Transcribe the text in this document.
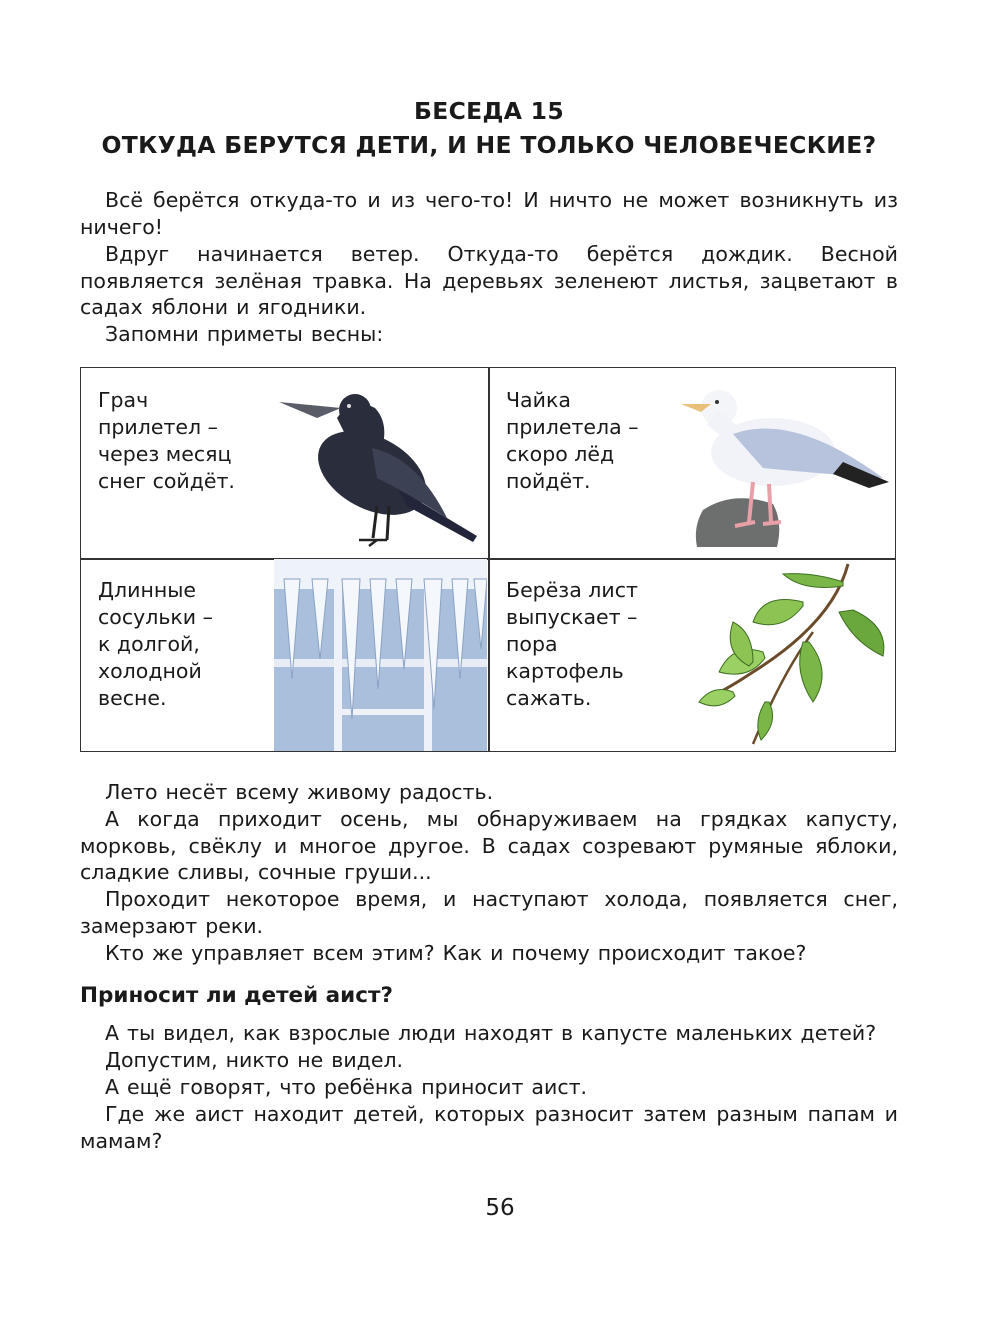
БЕСЕДА 15
ОТКУДА БЕРУТСЯ ДЕТИ, И НЕ ТОЛЬКО ЧЕЛОВЕЧЕСКИЕ?

Всё берётся откуда-то и из чего-то! И ничто не может возникнуть из ничего!

Вдруг начинается ветер. Откуда-то берётся дождик. Весной появляется зелёная травка. На деревьях зеленеют листья, зацветают в садах яблони и ягодники.

Запомни приметы весны:

Грач
прилетел –
через месяц
снег сойдёт.

Чайка
прилетела –
скоро лёд
пойдёт.

Длинные
сосульки –
к долгой,
холодной
весне.

Берёза лист
выпускает –
пора
картофель
сажать.

Лето несёт всему живому радость.

А когда приходит осень, мы обнаруживаем на грядках капусту, морковь, свёклу и многое другое. В садах созревают румяные яблоки, сладкие сливы, сочные груши...

Проходит некоторое время, и наступают холода, появляется снег, замерзают реки.

Кто же управляет всем этим? Как и почему происходит такое?

Приносит ли детей аист?

А ты видел, как взрослые люди находят в капусте маленьких детей?

Допустим, никто не видел.

А ещё говорят, что ребёнка приносит аист.

Где же аист находит детей, которых разносит затем разным папам и мамам?

56
